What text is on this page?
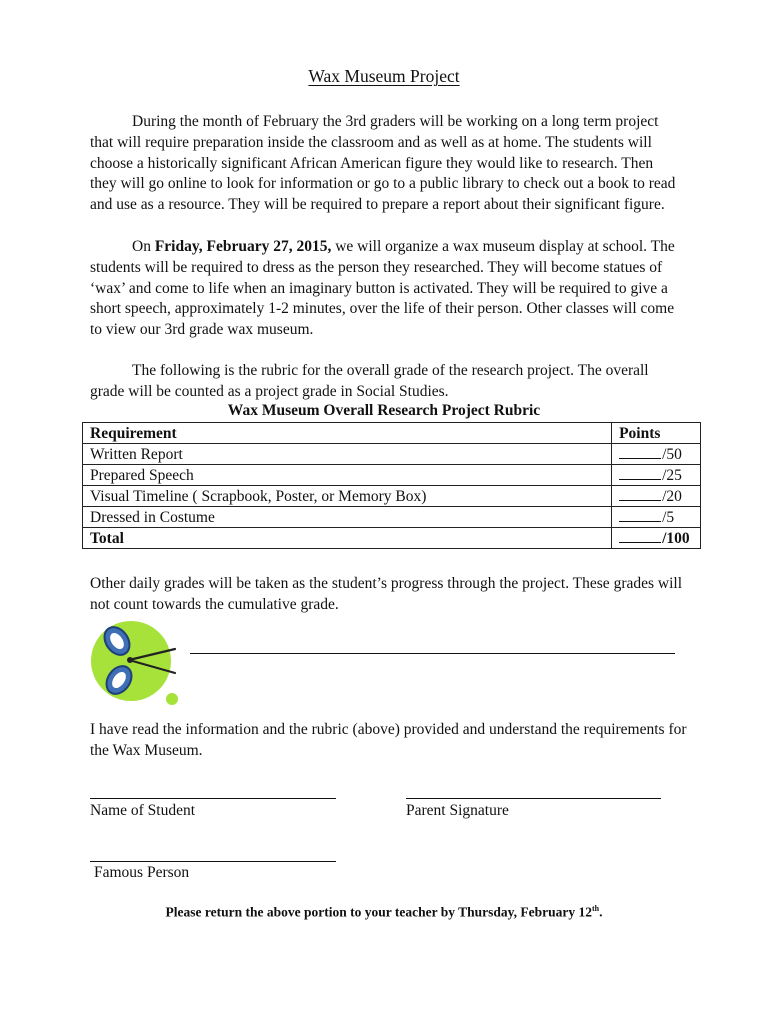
Wax Museum Project

During the month of February the 3rd graders will be working on a long term project that will require preparation inside the classroom and as well as at home. The students will choose a historically significant African American figure they would like to research. Then they will go online to look for information or go to a public library to check out a book to read and use as a resource. They will be required to prepare a report about their significant figure.

On Friday, February 27, 2015, we will organize a wax museum display at school. The students will be required to dress as the person they researched. They will become statues of ‘wax’ and come to life when an imaginary button is activated. They will be required to give a short speech, approximately 1-2 minutes, over the life of their person. Other classes will come to view our 3rd grade wax museum.

The following is the rubric for the overall grade of the research project. The overall grade will be counted as a project grade in Social Studies.

Wax Museum Overall Research Project Rubric
Requirement	Points
Written Report	/50
Prepared Speech	/25
Visual Timeline ( Scrapbook, Poster, or Memory Box)	/20
Dressed in Costume	/5
Total	/100
Other daily grades will be taken as the student’s progress through the project. These grades will not count towards the cumulative grade.
I have read the information and the rubric (above) provided and understand the requirements for the Wax Museum.
Name of Student	Parent Signature
Famous Person
Please return the above portion to your teacher by Thursday, February 12th.
